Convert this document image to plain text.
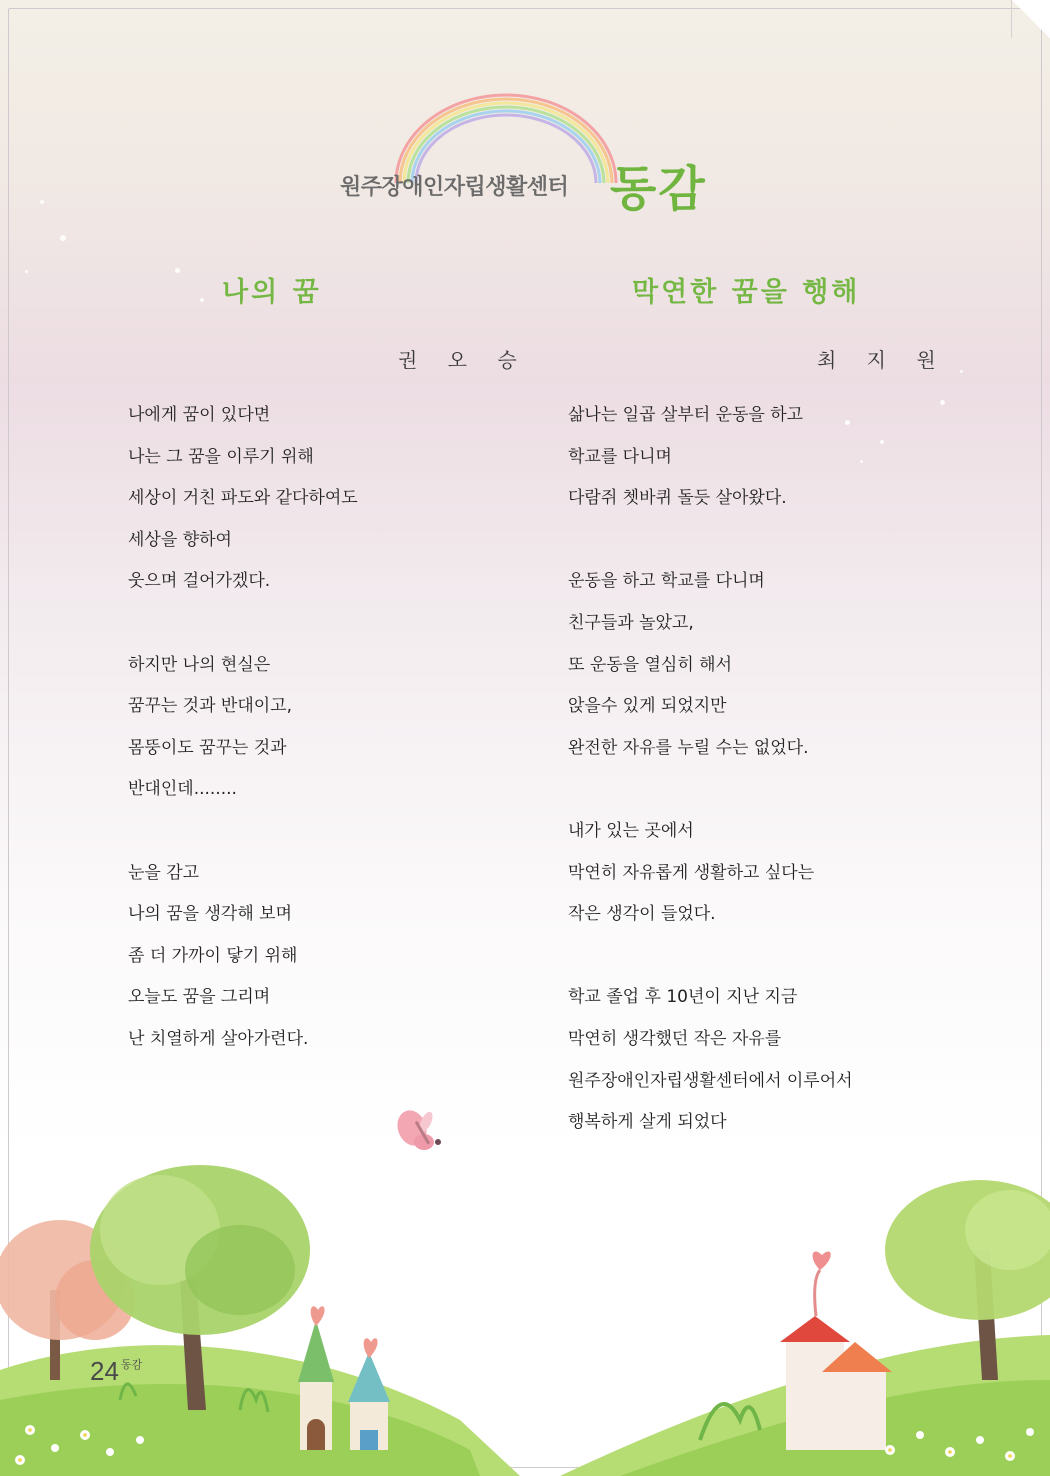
원주장애인자립생활센터 동감
나의 꿈
권 오 승
나에게 꿈이 있다면
나는 그 꿈을 이루기 위해
세상이 거친 파도와 같다하여도
세상을 향하여
웃으며 걸어가겠다.
하지만 나의 현실은
꿈꾸는 것과 반대이고,
몸뚱이도 꿈꾸는 것과
반대인데........
눈을 감고
나의 꿈을 생각해 보며
좀 더 가까이 닿기 위해
오늘도 꿈을 그리며
난 치열하게 살아가련다.
막연한 꿈을 행해
최 지 원
삶나는 일곱 살부터 운동을 하고
학교를 다니며
다람쥐 쳇바퀴 돌듯 살아왔다.
운동을 하고 학교를 다니며
친구들과 놀았고,
또 운동을 열심히 해서
앉을수 있게 되었지만
완전한 자유를 누릴 수는 없었다.
내가 있는 곳에서
막연히 자유롭게 생활하고 싶다는
작은 생각이 들었다.
학교 졸업 후 10년이 지난 지금
막연히 생각했던 작은 자유를
원주장애인자립생활센터에서 이루어서
행복하게 살게 되었다
24 $^{동감}$
